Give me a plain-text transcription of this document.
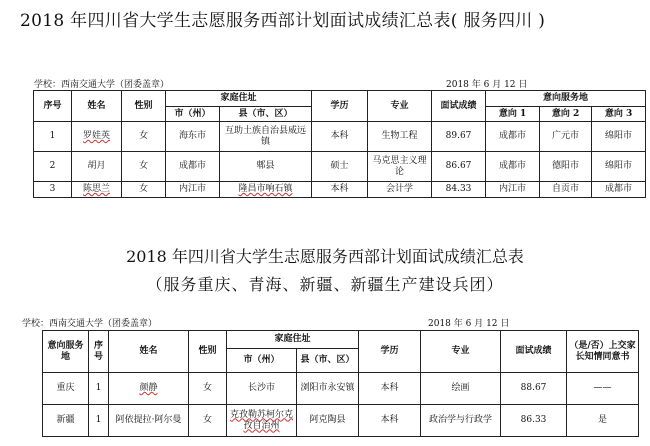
2018 年四川省大学生志愿服务西部计划面试成绩汇总表( 服务四川 )
学校：西南交通大学（团委盖章）	2018 年 6 月 12 日
序号	姓名	性别	家庭住址		学历	专业	面试成绩	意向服务地		
			市（州）	县（市、区）				意向 1	意向 2	意向 3
1	罗娃英	女	海东市	互助土族自治县威远镇	本科	生物工程	89.67	成都市	广元市	绵阳市
2	胡月	女	成都市	郫县	硕士	马克思主义理论	86.67	成都市	德阳市	绵阳市
3	陈思兰	女	内江市	隆昌市响石镇	本科	会计学	84.33	内江市	自贡市	成都市
2018 年四川省大学生志愿服务西部计划面试成绩汇总表
（服务重庆、青海、新疆、新疆生产建设兵团）
学校：西南交通大学（团委盖章）	2018 年 6 月 12 日
意向服务地	序号	姓名	性别	家庭住址		学历	专业	面试成绩	（是/否）上交家长知情同意书
				市（州）	县（市、区）				
重庆	1	颜静	女	长沙市	浏阳市永安镇	本科	绘画	88.67	——
新疆	1	阿依提拉·阿尔曼	女	克孜勒苏柯尔克孜自治州	阿克陶县	本科	政治学与行政学	86.33	是
